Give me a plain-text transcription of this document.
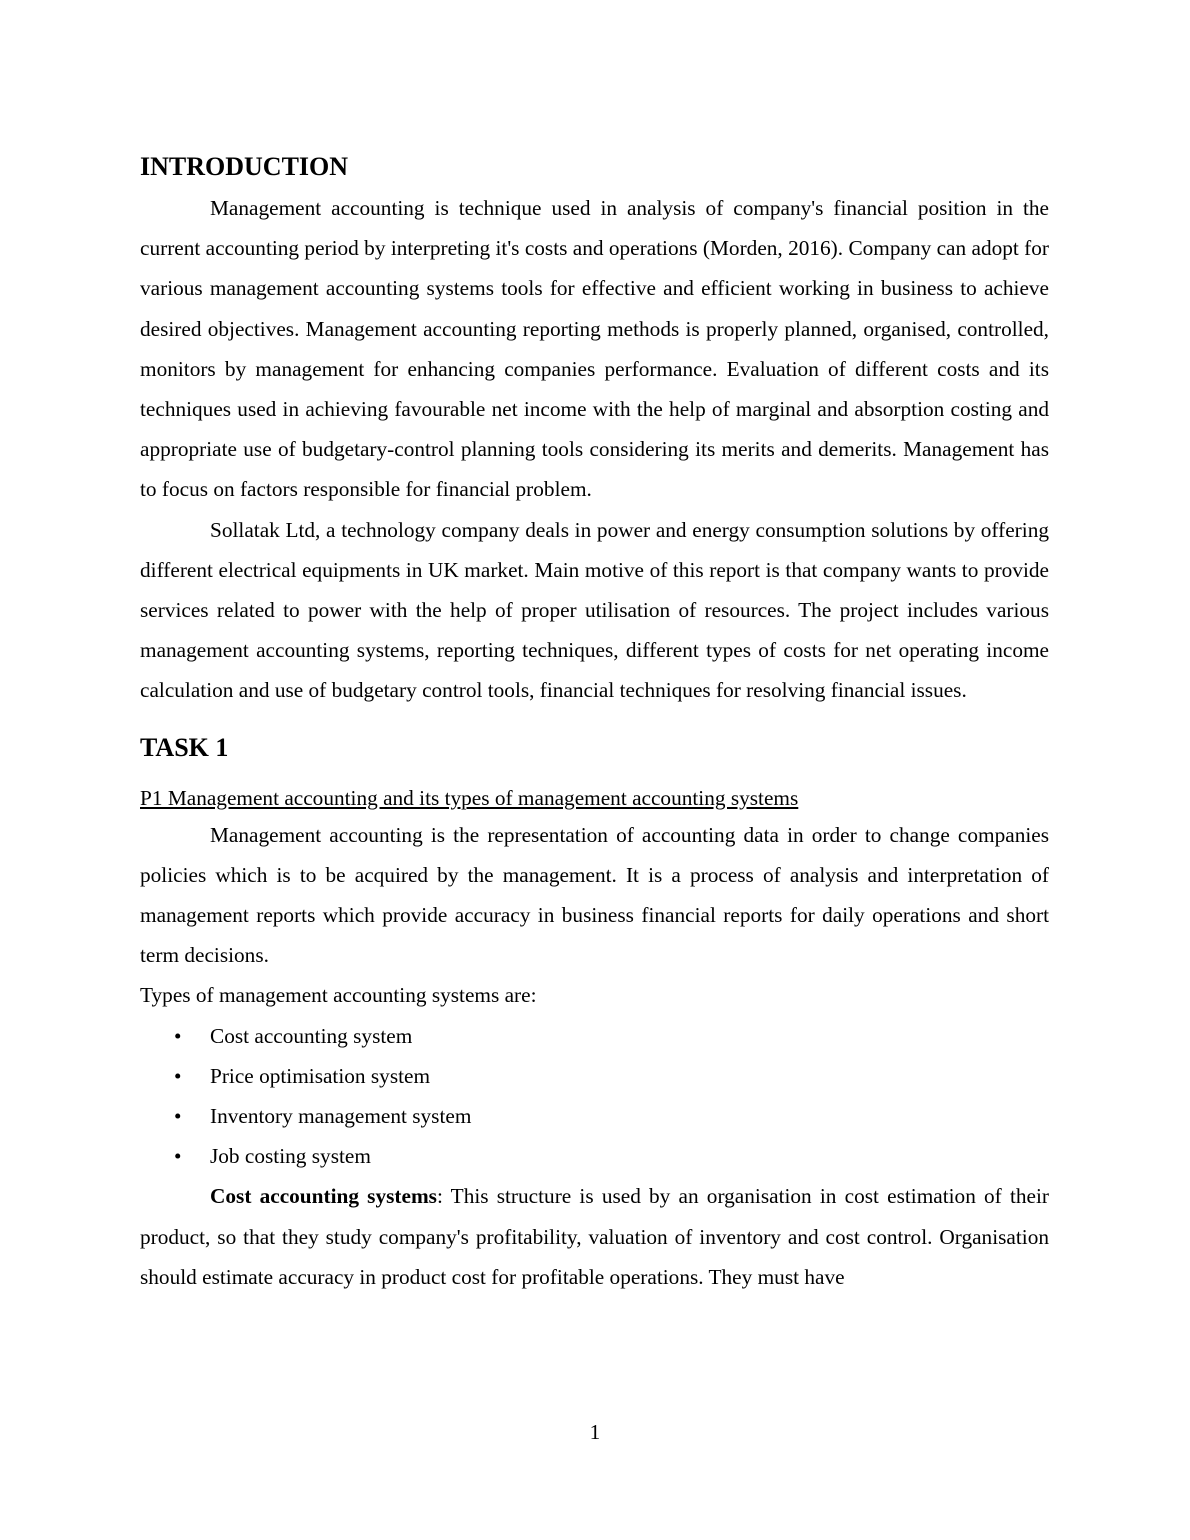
INTRODUCTION

Management accounting is technique used in analysis of company's financial position in the current accounting period by interpreting it's costs and operations (Morden, 2016). Company can adopt for various management accounting systems tools for effective and efficient working in business to achieve desired objectives. Management accounting reporting methods is properly planned, organised, controlled, monitors by management for enhancing companies performance. Evaluation of different costs and its techniques used in achieving favourable net income with the help of marginal and absorption costing and appropriate use of budgetary-control planning tools considering its merits and demerits. Management has to focus on factors responsible for financial problem.

Sollatak Ltd, a technology company deals in power and energy consumption solutions by offering different electrical equipments in UK market. Main motive of this report is that company wants to provide services related to power with the help of proper utilisation of resources. The project includes various management accounting systems, reporting techniques, different types of costs for net operating income calculation and use of budgetary control tools, financial techniques for resolving financial issues.

TASK 1
P1 Management accounting and its types of management accounting systems

Management accounting is the representation of accounting data in order to change companies policies which is to be acquired by the management. It is a process of analysis and interpretation of management reports which provide accuracy in business financial reports for daily operations and short term decisions.

Types of management accounting systems are:

• Cost accounting system
• Price optimisation system
• Inventory management system
• Job costing system

Cost accounting systems: This structure is used by an organisation in cost estimation of their product, so that they study company's profitability, valuation of inventory and cost control. Organisation should estimate accuracy in product cost for profitable operations. They must have

1
